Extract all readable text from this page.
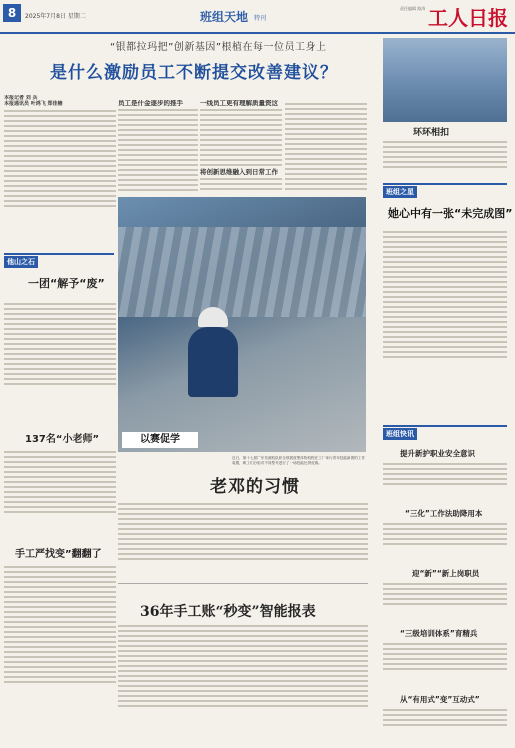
8	2025年7月8日 星期二	班组天地 特刊
责任编辑 路涛 工人日报
“银都拉玛把”创新基因”根植在每一位员工身上
是什么激励员工不断提交改善建议？
本报记者 刘 兵
本报通讯员 叶鸿飞 郑佳楠	员工是什金逐步的推手	一线员工更有理解质量资这
将创新思维融入到日常工作
以赛促学
近日，第十七届广东仿测机队织全领展度黑体物机程在工厂举行青年技能新团的工作装置，职工们分组对不同型号进行了一场技能比拼竞赛。
他山之石
一团“解予“废”
137名“小老师”
手工严找变”翻翻了
老邓的习惯
36年手工账“秒变”智能报表
环环相扣
班组之星
她心中有一张“未完成图”
班组快讯
提升新护职业安全意识
“三化”工作法助降用本
迎“新”“新上岗职员
“三级培训体系”育精兵
从“有用式”变”互动式”
